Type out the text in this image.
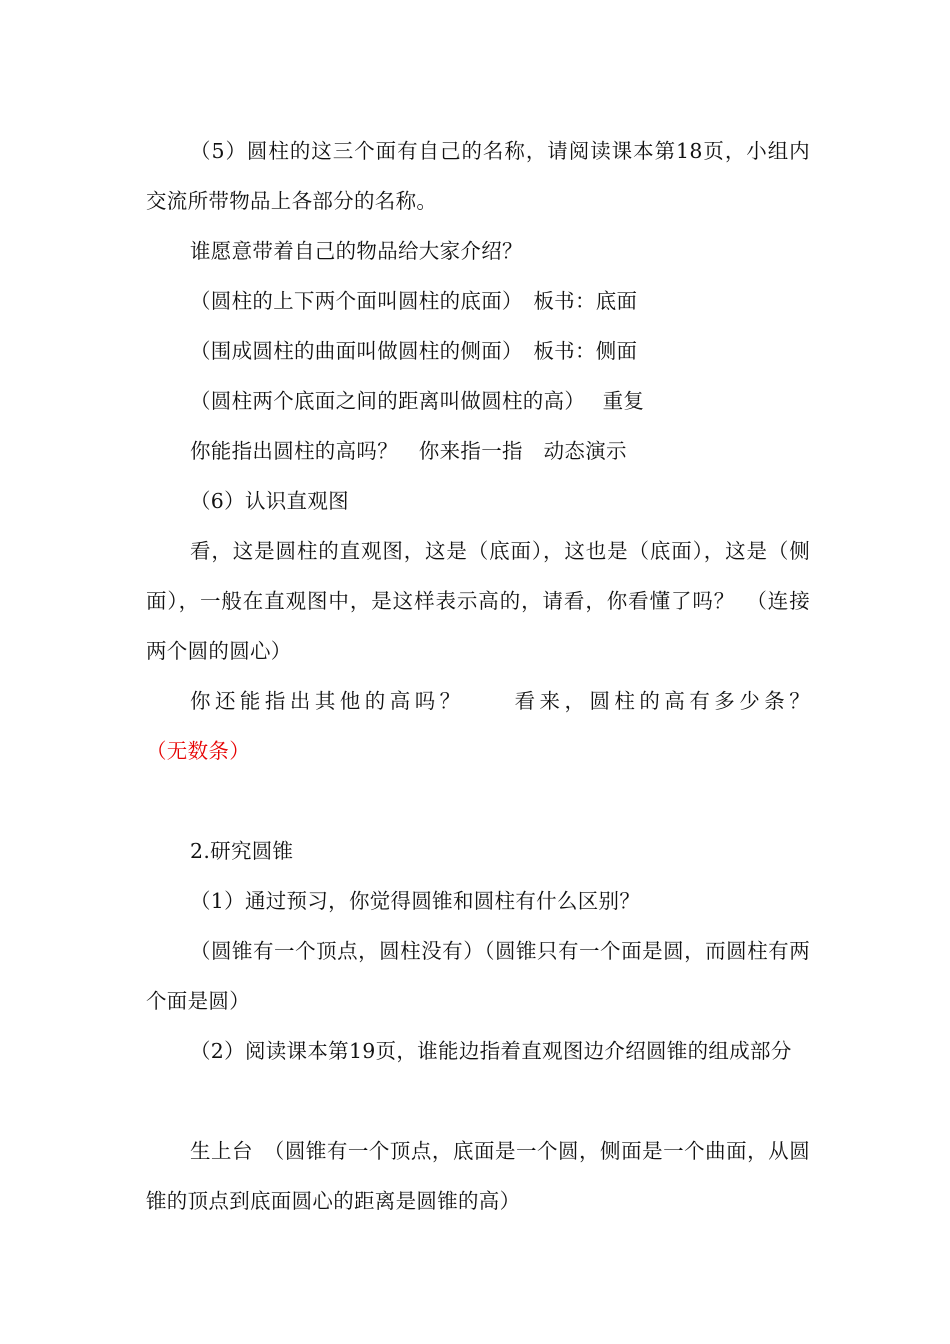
（5）圆柱的这三个面有自己的名称，请阅读课本第18页，小组内交流所带物品上各部分的名称。

谁愿意带着自己的物品给大家介绍？

（圆柱的上下两个面叫圆柱的底面）　板书：底面

（围成圆柱的曲面叫做圆柱的侧面）　板书：侧面

（圆柱两个底面之间的距离叫做圆柱的高）　 重复

你能指出圆柱的高吗？　你来指一指　动态演示

（6）认识直观图

看，这是圆柱的直观图，这是（底面），这也是（底面），这是（侧面），一般在直观图中，是这样表示高的，请看，你看懂了吗？　（连接两个圆的圆心）

你还能指出其他的高吗？　　看来，圆柱的高有多少条？（无数条）

2.研究圆锥

（1）通过预习，你觉得圆锥和圆柱有什么区别？

（圆锥有一个顶点，圆柱没有）（圆锥只有一个面是圆，而圆柱有两个面是圆）

（2）阅读课本第19页，谁能边指着直观图边介绍圆锥的组成部分

生上台　（圆锥有一个顶点，底面是一个圆，侧面是一个曲面，从圆锥的顶点到底面圆心的距离是圆锥的高）
